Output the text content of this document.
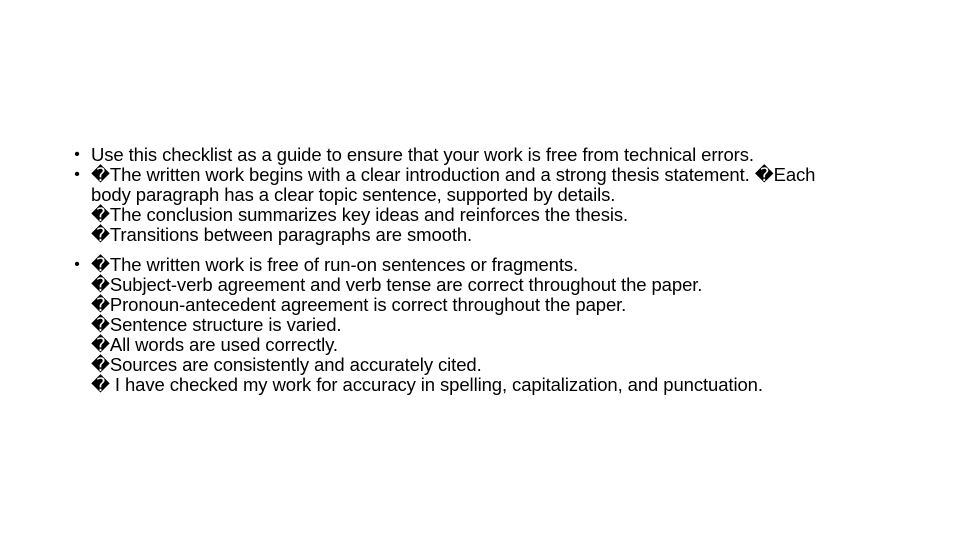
• Use this checklist as a guide to ensure that your work is free from technical errors.
• �The written work begins with a clear introduction and a strong thesis statement. �Each body paragraph has a clear topic sentence, supported by details.
�The conclusion summarizes key ideas and reinforces the thesis.
�Transitions between paragraphs are smooth.
• �The written work is free of run-on sentences or fragments.
�Subject-verb agreement and verb tense are correct throughout the paper.
�Pronoun-antecedent agreement is correct throughout the paper.
�Sentence structure is varied.
�All words are used correctly.
�Sources are consistently and accurately cited.
� I have checked my work for accuracy in spelling, capitalization, and punctuation.
